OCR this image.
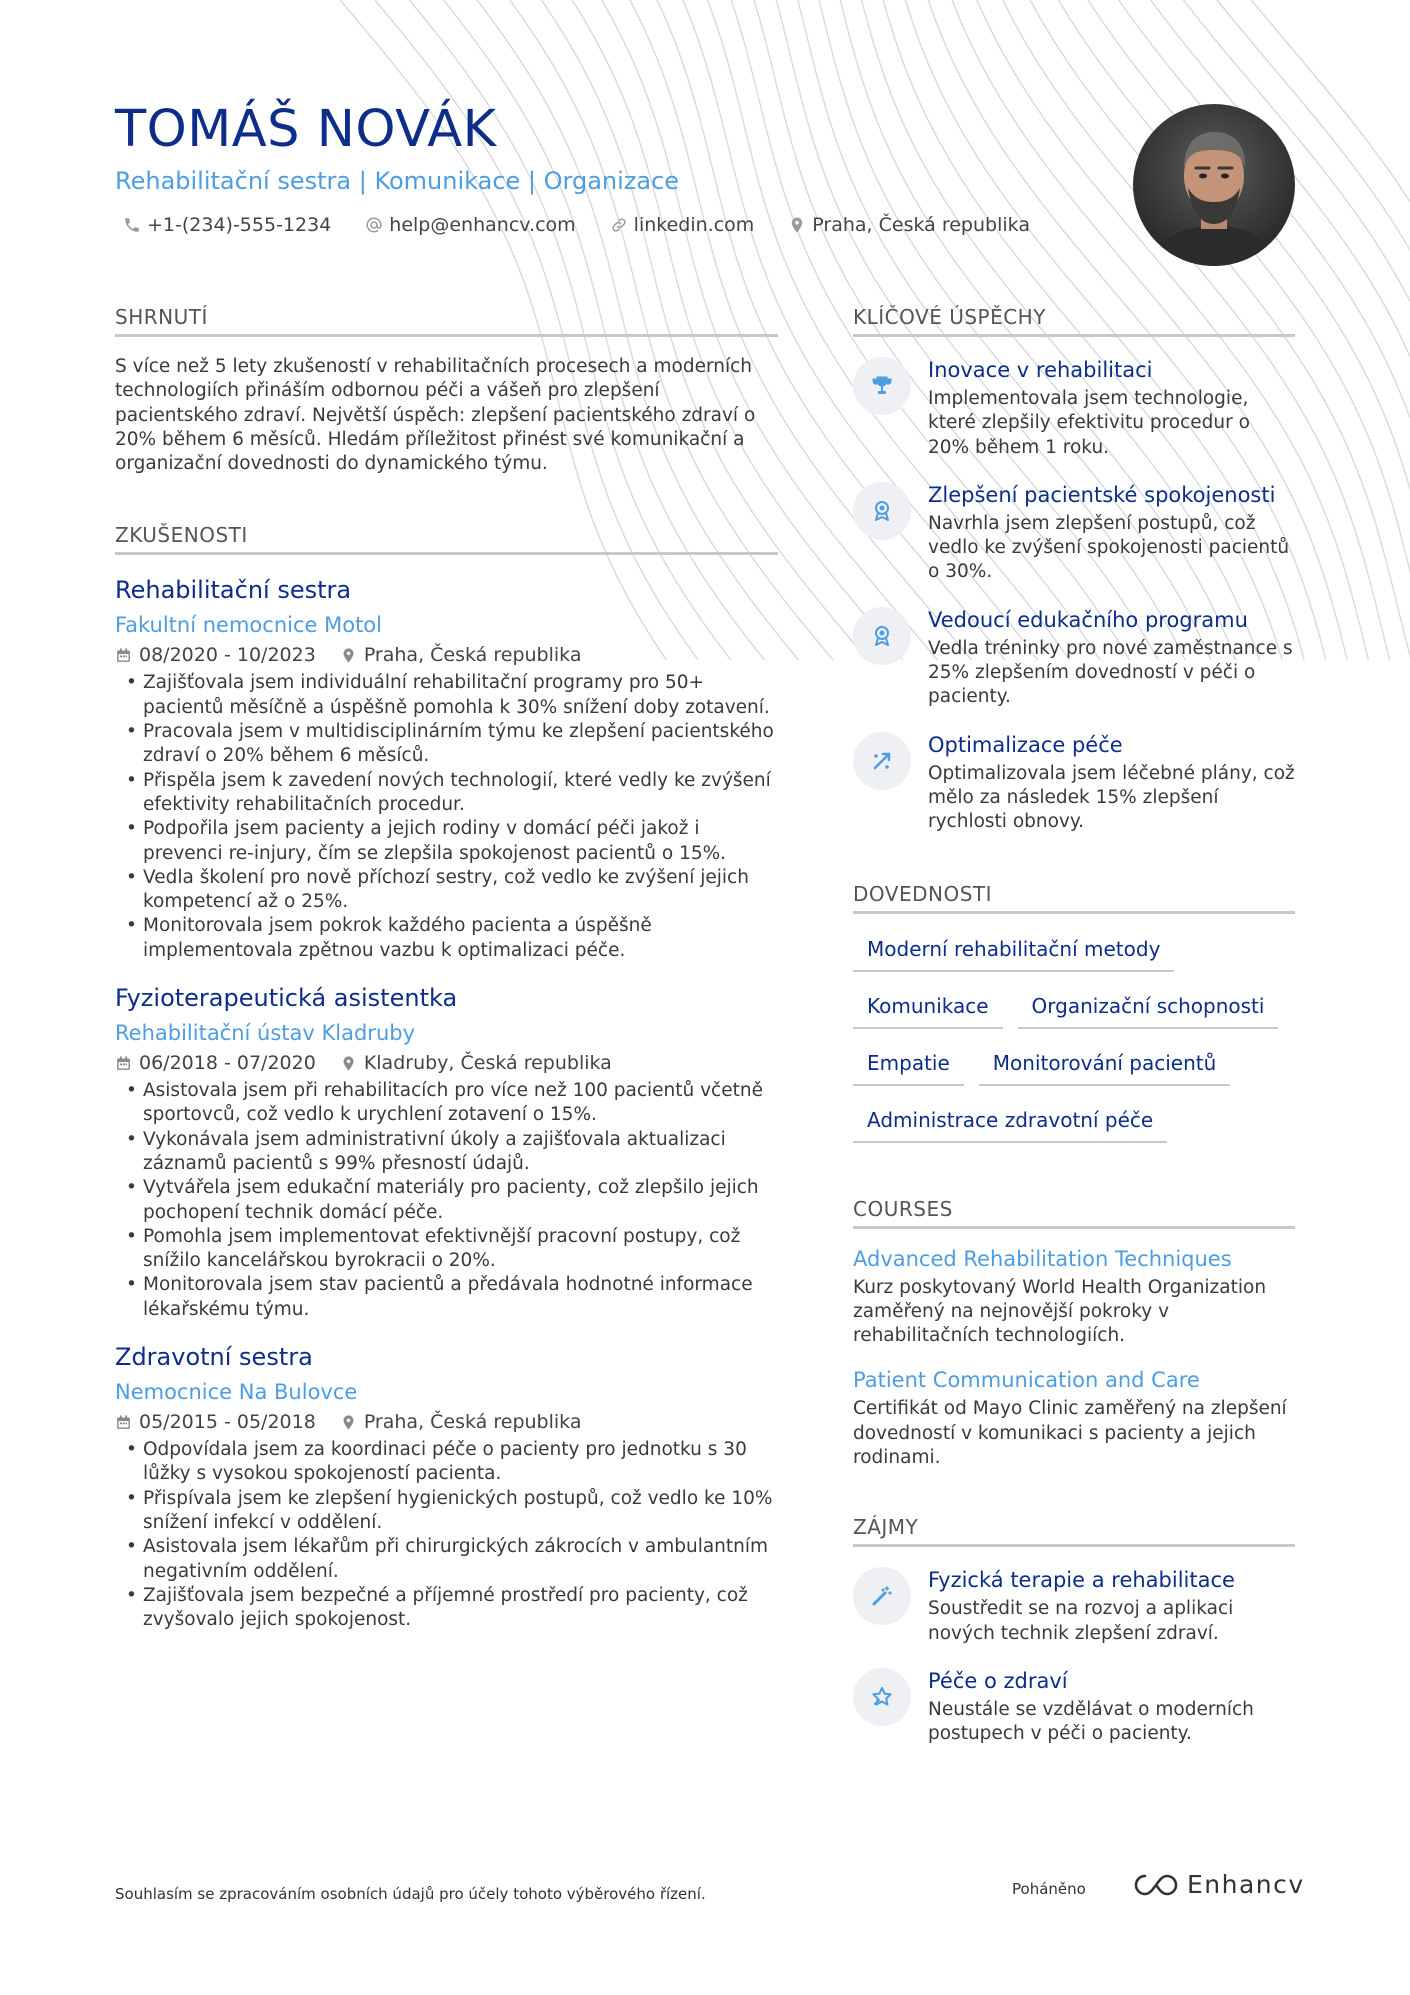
TOMÁŠ NOVÁK
Rehabilitační sestra | Komunikace | Organizace
+1-(234)-555-1234	help@enhancv.com	linkedin.com	Praha, Česká republika
SHRNUTÍ
S více než 5 lety zkušeností v rehabilitačních procesech a moderních technologiích přináším odbornou péči a vášeň pro zlepšení pacientského zdraví. Největší úspěch: zlepšení pacientského zdraví o 20% během 6 měsíců. Hledám příležitost přinést své komunikační a organizační dovednosti do dynamického týmu.
ZKUŠENOSTI
Rehabilitační sestra
Fakultní nemocnice Motol
08/2020 - 10/2023	Praha, Česká republika
• Zajišťovala jsem individuální rehabilitační programy pro 50+ pacientů měsíčně a úspěšně pomohla k 30% snížení doby zotavení.
• Pracovala jsem v multidisciplinárním týmu ke zlepšení pacientského zdraví o 20% během 6 měsíců.
• Přispěla jsem k zavedení nových technologií, které vedly ke zvýšení efektivity rehabilitačních procedur.
• Podpořila jsem pacienty a jejich rodiny v domácí péči jakož i prevenci re-injury, čím se zlepšila spokojenost pacientů o 15%.
• Vedla školení pro nově příchozí sestry, což vedlo ke zvýšení jejich kompetencí až o 25%.
• Monitorovala jsem pokrok každého pacienta a úspěšně implementovala zpětnou vazbu k optimalizaci péče.
Fyzioterapeutická asistentka
Rehabilitační ústav Kladruby
06/2018 - 07/2020	Kladruby, Česká republika
• Asistovala jsem při rehabilitacích pro více než 100 pacientů včetně sportovců, což vedlo k urychlení zotavení o 15%.
• Vykonávala jsem administrativní úkoly a zajišťovala aktualizaci záznamů pacientů s 99% přesností údajů.
• Vytvářela jsem edukační materiály pro pacienty, což zlepšilo jejich pochopení technik domácí péče.
• Pomohla jsem implementovat efektivnější pracovní postupy, což snížilo kancelářskou byrokracii o 20%.
• Monitorovala jsem stav pacientů a předávala hodnotné informace lékařskému týmu.
Zdravotní sestra
Nemocnice Na Bulovce
05/2015 - 05/2018	Praha, Česká republika
• Odpovídala jsem za koordinaci péče o pacienty pro jednotku s 30 lůžky s vysokou spokojeností pacienta.
• Přispívala jsem ke zlepšení hygienických postupů, což vedlo ke 10% snížení infekcí v oddělení.
• Asistovala jsem lékařům při chirurgických zákrocích v ambulantním negativním oddělení.
• Zajišťovala jsem bezpečné a příjemné prostředí pro pacienty, což zvyšovalo jejich spokojenost.
KLÍČOVÉ ÚSPĚCHY
Inovace v rehabilitaci
Implementovala jsem technologie, které zlepšily efektivitu procedur o 20% během 1 roku.
Zlepšení pacientské spokojenosti
Navrhla jsem zlepšení postupů, což vedlo ke zvýšení spokojenosti pacientů o 30%.
Vedoucí edukačního programu
Vedla tréninky pro nové zaměstnance s 25% zlepšením dovedností v péči o pacienty.
Optimalizace péče
Optimalizovala jsem léčebné plány, což mělo za následek 15% zlepšení rychlosti obnovy.
DOVEDNOSTI
Moderní rehabilitační metody
Komunikace	Organizační schopnosti
Empatie	Monitorování pacientů
Administrace zdravotní péče
COURSES
Advanced Rehabilitation Techniques
Kurz poskytovaný World Health Organization zaměřený na nejnovější pokroky v rehabilitačních technologiích.
Patient Communication and Care
Certifikát od Mayo Clinic zaměřený na zlepšení dovedností v komunikaci s pacienty a jejich rodinami.
ZÁJMY
Fyzická terapie a rehabilitace
Soustředit se na rozvoj a aplikaci nových technik zlepšení zdraví.
Péče o zdraví
Neustále se vzdělávat o moderních postupech v péči o pacienty.
Souhlasím se zpracováním osobních údajů pro účely tohoto výběrového řízení.	Poháněno	Enhancv
